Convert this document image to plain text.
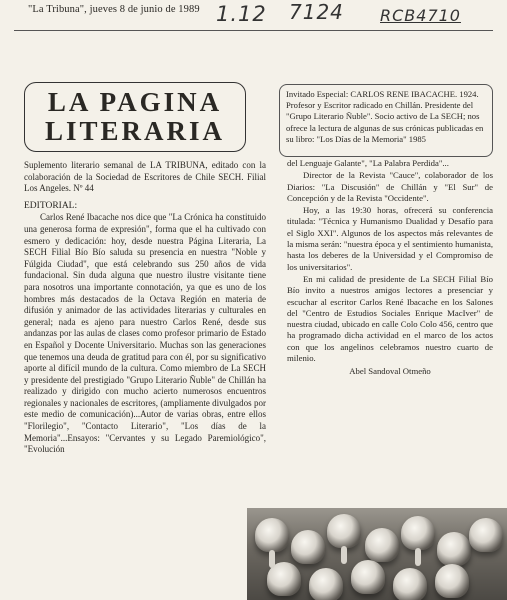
"La Tribuna", jueves 8 de junio de 1989 1.12 7124 RCB4710
LA PAGINA
LITERARIA

Invitado Especial: CARLOS RENE IBACACHE. 1924. Profesor y Escritor radicado en Chillán. Presidente del "Grupo Literario Ñuble". Socio activo de La SECH; nos ofrece la lectura de algunas de sus crónicas publicadas en su libro: "Los Días de la Memoria" 1985

Suplemento literario semanal de LA TRIBUNA, editado con la colaboración de la Sociedad de Escritores de Chile SECH. Filial Los Angeles. Nº 44

EDITORIAL:

Carlos René Ibacache nos dice que "La Crónica ha constituido una generosa forma de expresión", forma que el ha cultivado con esmero y dedicación: hoy, desde nuestra Página Literaria, La SECH Filial Bío Bío saluda su presencia en nuestra "Noble y Fúlgida Ciudad", que está celebrando sus 250 años de vida fundacional. Sin duda alguna que nuestro ilustre visitante tiene para nosotros una importante connotación, ya que es uno de los hombres más destacados de la Octava Región en materia de difusión y animador de las actividades literarias y culturales en general; nada es ajeno para nuestro Carlos René, desde sus andanzas por las aulas de clases como profesor primario de Estado en Español y Docente Universitario. Muchas son las generaciones que tenemos una deuda de gratitud para con él, por su significativo aporte al difícil mundo de la cultura. Como miembro de La SECH y presidente del prestigiado "Grupo Literario Ñuble" de Chillán ha realizado y dirigido con mucho acierto numerosos encuentros regionales y nacionales de escritores, (ampliamente divulgados por este medio de comunicación)...Autor de varias obras, entre ellos "Florilegio", "Contacto Literario", "Los días de la Memoria"...Ensayos: "Cervantes y su Legado Paremiológico", "Evolución

del Lenguaje Galante", "La Palabra Perdida"...

Director de la Revista "Cauce", colaborador de los Diarios: "La Discusión" de Chillán y "El Sur" de Concepción y de la Revista "Occidente".

Hoy, a las 19:30 horas, ofrecerá su conferencia titulada: "Técnica y Humanismo Dualidad y Desafío para el Siglo XXI". Algunos de los aspectos más relevantes de la misma serán: "nuestra época y el sentimiento humanista, hasta los deberes de la Universidad y el Compromiso de los universitarios".

En mi calidad de presidente de La SECH Filial Bío Bío invito a nuestros amigos lectores a presenciar y escuchar al escritor Carlos René Ibacache en los Salones del "Centro de Estudios Sociales Enrique MacIver" de nuestra ciudad, ubicado en calle Colo Colo 456, centro que ha programado dicha actividad en el marco de los actos con que los angelinos celebramos nuestro cuarto de milenio.

Abel Sandoval Otmeño
